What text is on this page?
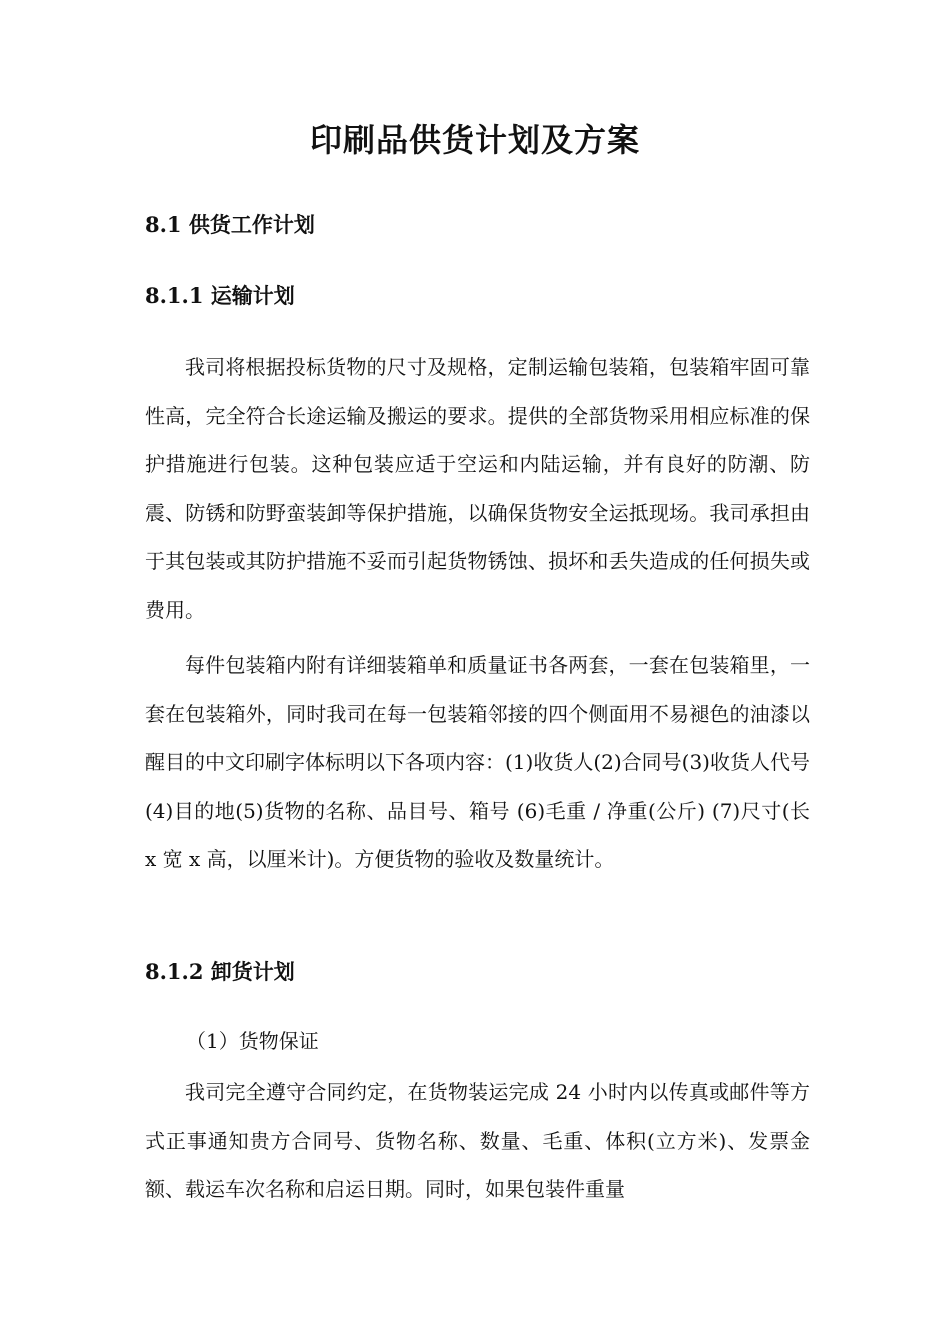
印刷品供货计划及方案
8.1 供货工作计划
8.1.1 运输计划
我司将根据投标货物的尺寸及规格，定制运输包装箱，包装箱牢固可靠性高，完全符合长途运输及搬运的要求。提供的全部货物采用相应标准的保护措施进行包装。这种包装应适于空运和内陆运输，并有良好的防潮、防震、防锈和防野蛮装卸等保护措施，以确保货物安全运抵现场。我司承担由于其包装或其防护措施不妥而引起货物锈蚀、损坏和丢失造成的任何损失或费用。
每件包装箱内附有详细装箱单和质量证书各两套，一套在包装箱里，一套在包装箱外，同时我司在每一包装箱邻接的四个侧面用不易褪色的油漆以醒目的中文印刷字体标明以下各项内容：(1)收货人(2)合同号(3)收货人代号(4)目的地(5)货物的名称、品目号、箱号 (6)毛重 / 净重(公斤) (7)尺寸(长 x 宽 x 高，以厘米计)。方便货物的验收及数量统计。
8.1.2 卸货计划
（1）货物保证
我司完全遵守合同约定，在货物装运完成 24 小时内以传真或邮件等方式正事通知贵方合同号、货物名称、数量、毛重、体积(立方米)、发票金额、载运车次名称和启运日期。同时，如果包装件重量
